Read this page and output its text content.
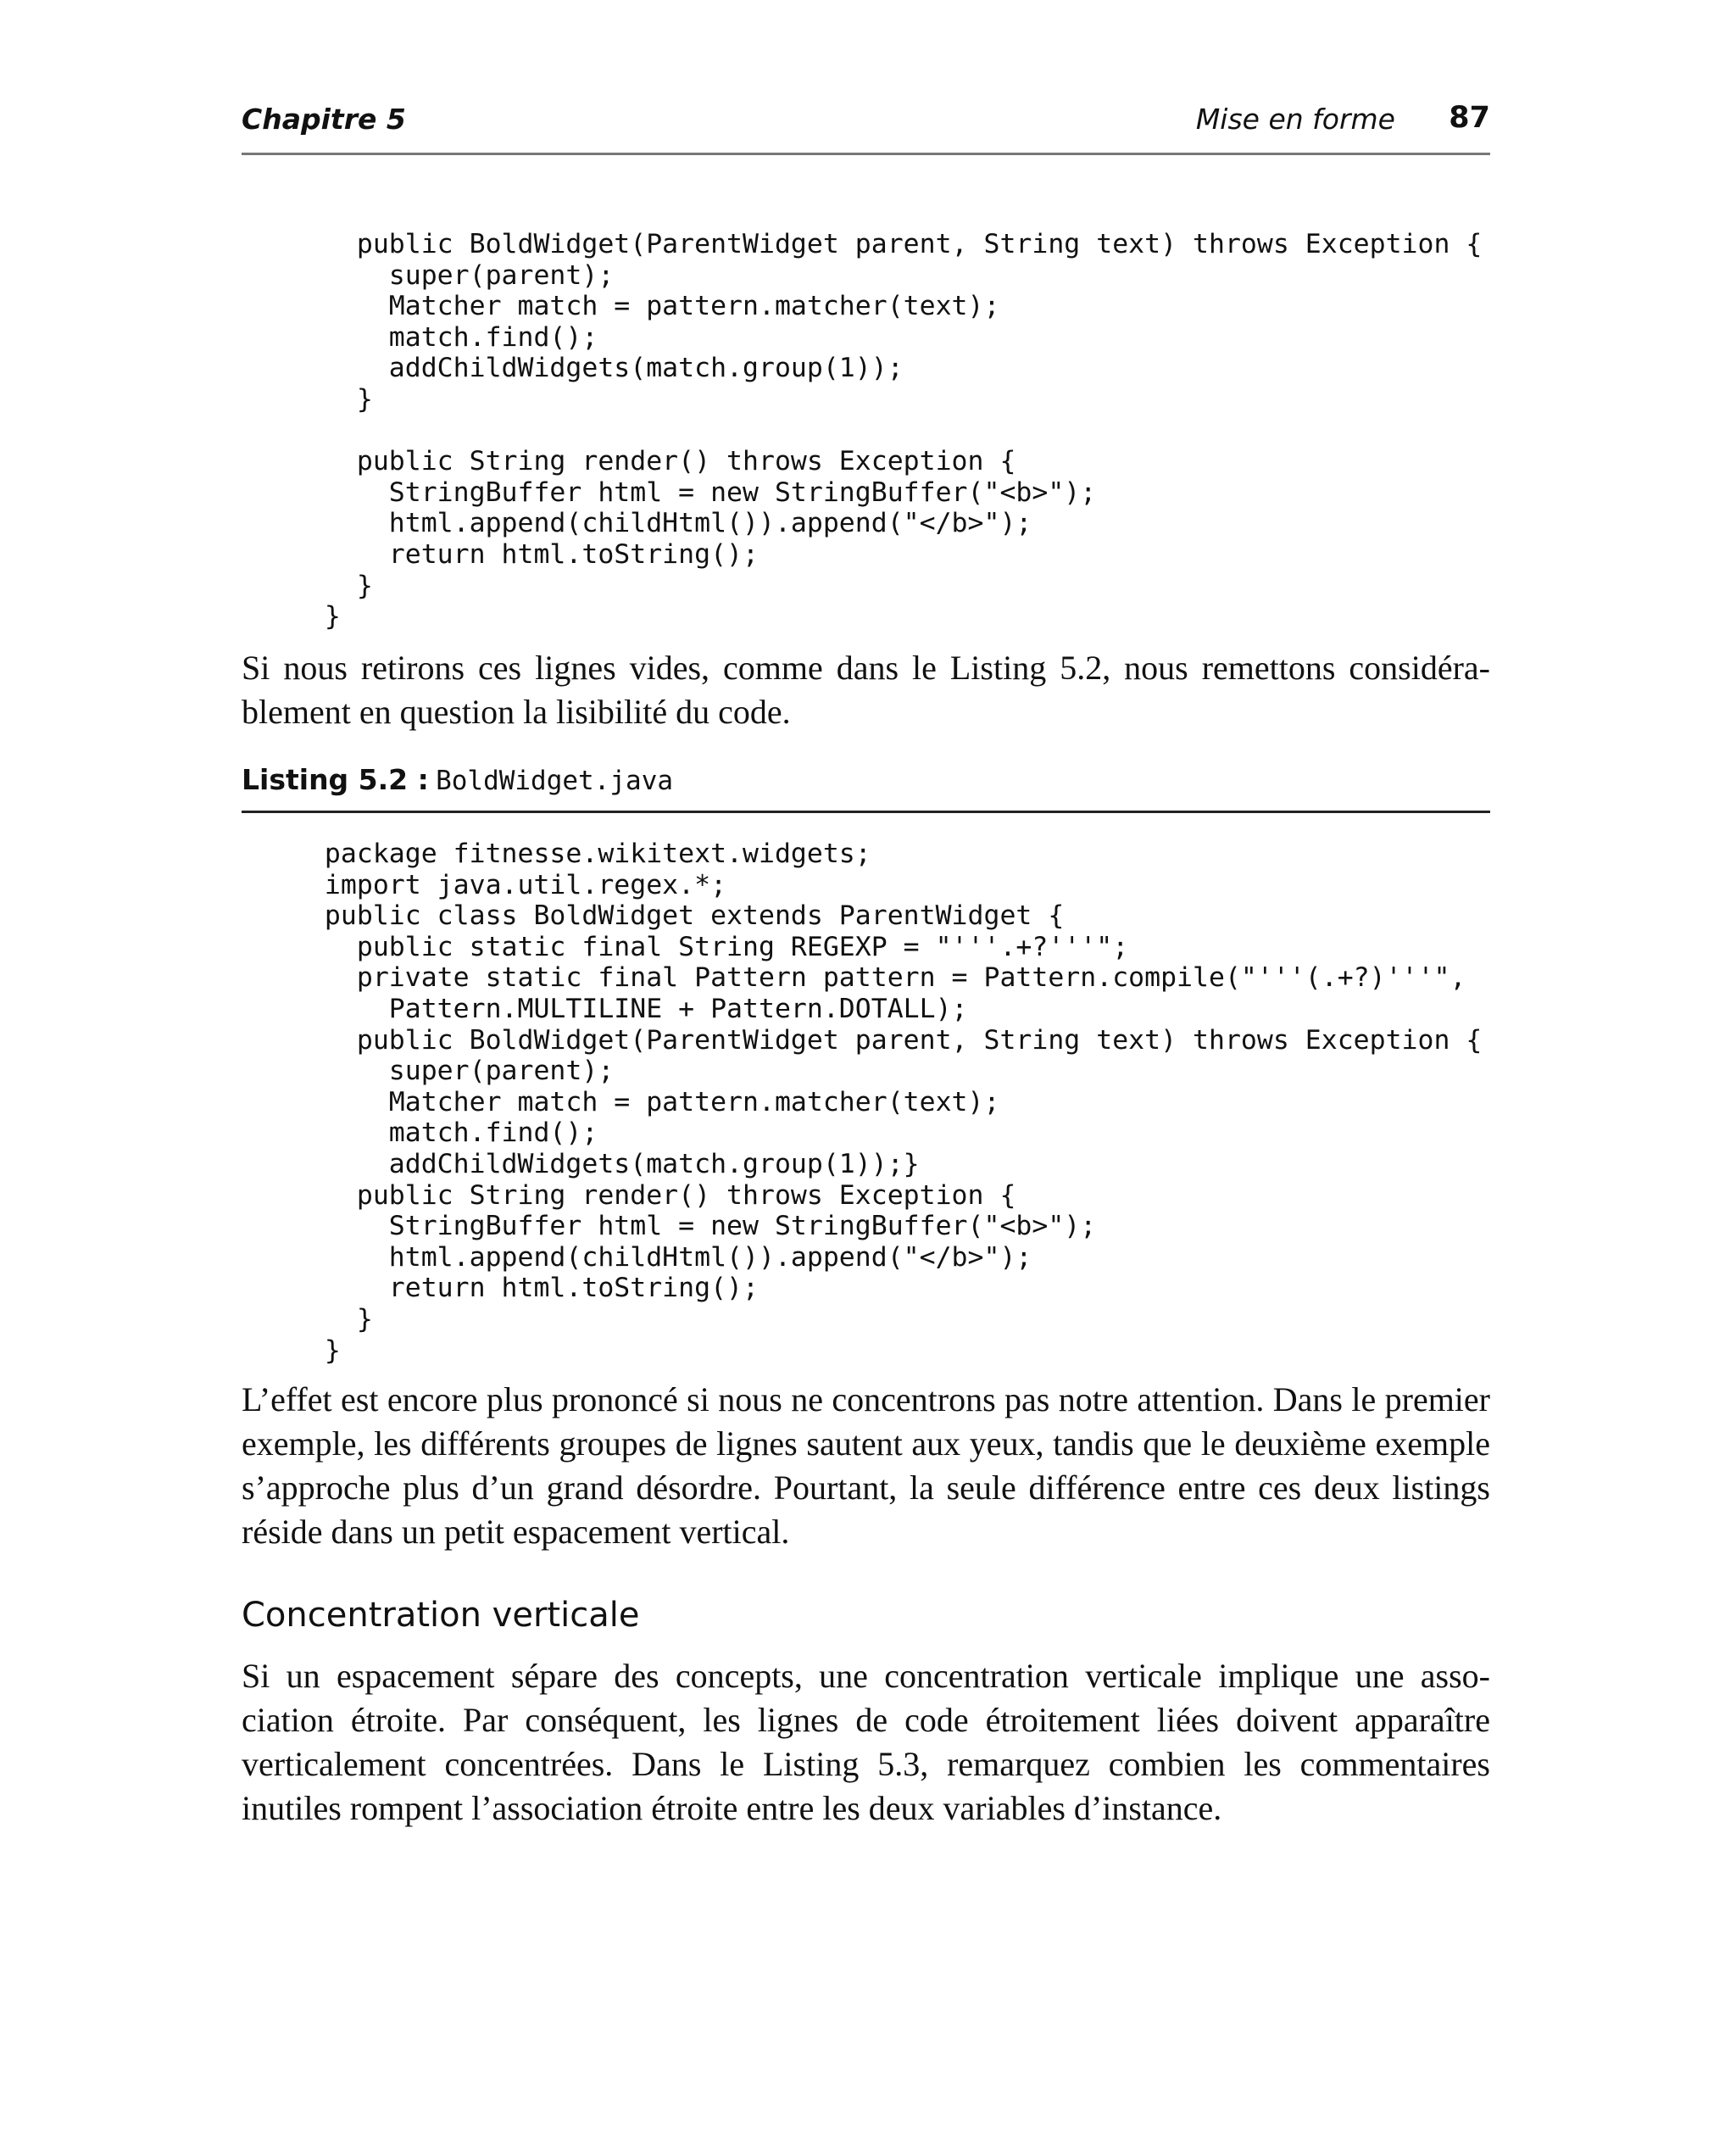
Chapitre 5	Mise en forme 87
public BoldWidget(ParentWidget parent, String text) throws Exception {
super(parent);
Matcher match = pattern.matcher(text);
match.find();
addChildWidgets(match.group(1));
}

public String render() throws Exception {
StringBuffer html = new StringBuffer("<b>");
html.append(childHtml()).append("</b>");
return html.toString();
}
}

Si nous retirons ces lignes vides, comme dans le Listing 5.2, nous remettons considéra-blement en question la lisibilité du code.

Listing 5.2 : BoldWidget.java
package fitnesse.wikitext.widgets;
import java.util.regex.*;
public class BoldWidget extends ParentWidget {
public static final String REGEXP = "'''.+?'''";
private static final Pattern pattern = Pattern.compile("'''(.+?)'''",
Pattern.MULTILINE + Pattern.DOTALL);
public BoldWidget(ParentWidget parent, String text) throws Exception {
super(parent);
Matcher match = pattern.matcher(text);
match.find();
addChildWidgets(match.group(1));}
public String render() throws Exception {
StringBuffer html = new StringBuffer("<b>");
html.append(childHtml()).append("</b>");
return html.toString();
}
}

L’effet est encore plus prononcé si nous ne concentrons pas notre attention. Dans le premier exemple, les différents groupes de lignes sautent aux yeux, tandis que le deuxième exemple s’approche plus d’un grand désordre. Pourtant, la seule différence entre ces deux listings réside dans un petit espacement vertical.

Concentration verticale

Si un espacement sépare des concepts, une concentration verticale implique une asso-ciation étroite. Par conséquent, les lignes de code étroitement liées doivent apparaître verticalement concentrées. Dans le Listing 5.3, remarquez combien les commentaires inutiles rompent l’association étroite entre les deux variables d’instance.
